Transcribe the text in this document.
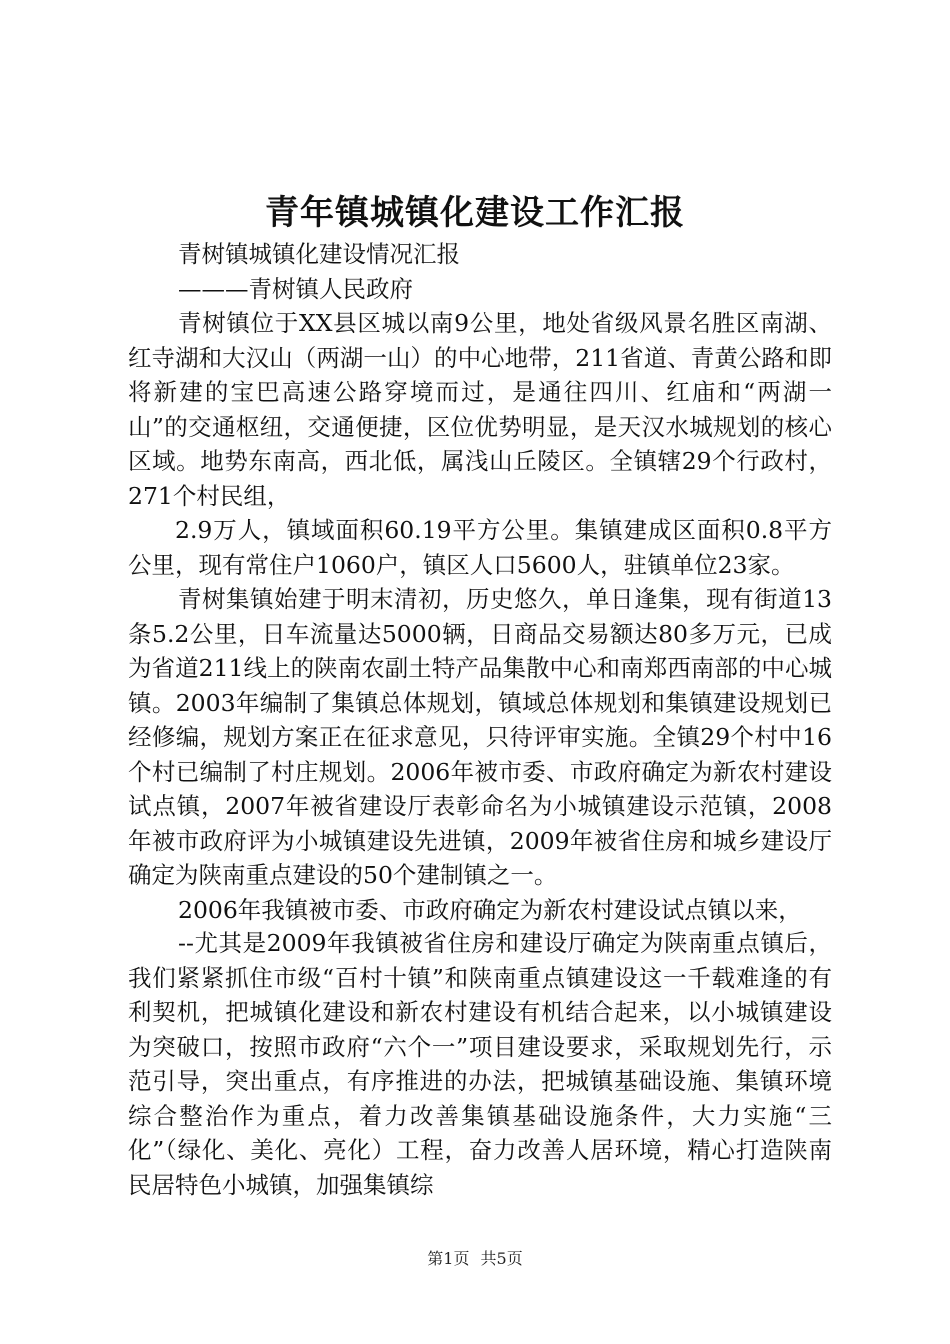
青年镇城镇化建设工作汇报

青树镇城镇化建设情况汇报

———青树镇人民政府

青树镇位于XX县区城以南9公里，地处省级风景名胜区南湖、红寺湖和大汉山（两湖一山）的中心地带，211省道、青黄公路和即将新建的宝巴高速公路穿境而过，是通往四川、红庙和“两湖一山”的交通枢纽，交通便捷，区位优势明显，是天汉水城规划的核心区域。地势东南高，西北低，属浅山丘陵区。全镇辖29个行政村，271个村民组，

2.9万人，镇域面积60.19平方公里。集镇建成区面积0.8平方公里，现有常住户1060户，镇区人口5600人，驻镇单位23家。

青树集镇始建于明末清初，历史悠久，单日逢集，现有街道13条5.2公里，日车流量达5000辆，日商品交易额达80多万元，已成为省道211线上的陕南农副土特产品集散中心和南郑西南部的中心城镇。2003年编制了集镇总体规划，镇域总体规划和集镇建设规划已经修编，规划方案正在征求意见，只待评审实施。全镇29个村中16个村已编制了村庄规划。2006年被市委、市政府确定为新农村建设试点镇，2007年被省建设厅表彰命名为小城镇建设示范镇，2008年被市政府评为小城镇建设先进镇，2009年被省住房和城乡建设厅确定为陕南重点建设的50个建制镇之一。

2006年我镇被市委、市政府确定为新农村建设试点镇以来，

--尤其是2009年我镇被省住房和建设厅确定为陕南重点镇后，我们紧紧抓住市级“百村十镇”和陕南重点镇建设这一千载难逢的有利契机，把城镇化建设和新农村建设有机结合起来，以小城镇建设为突破口，按照市政府“六个一”项目建设要求，采取规划先行，示范引导，突出重点，有序推进的办法，把城镇基础设施、集镇环境综合整治作为重点，着力改善集镇基础设施条件，大力实施“三化”（绿化、美化、亮化）工程，奋力改善人居环境，精心打造陕南民居特色小城镇，加强集镇综

第1页 共5页
